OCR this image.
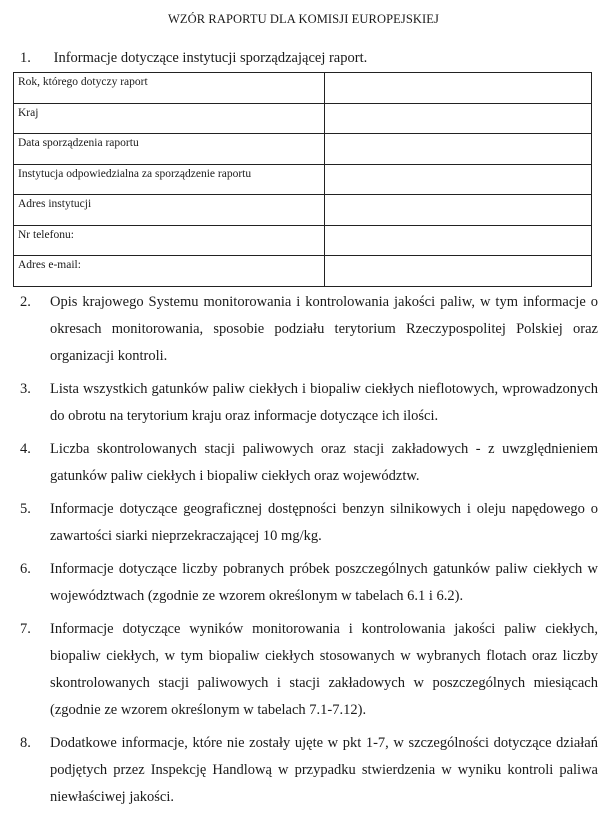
WZÓR RAPORTU DLA KOMISJI EUROPEJSKIEJ
1. Informacje dotyczące instytucji sporządzającej raport.
Rok, którego dotyczy raport	
Kraj	
Data sporządzenia raportu	
Instytucja odpowiedzialna za sporządzenie raportu	
Adres instytucji	
Nr telefonu:	
Adres e-mail:	
2.	Opis krajowego Systemu monitorowania i kontrolowania jakości paliw, w tym informacje o okresach monitorowania, sposobie podziału terytorium Rzeczypospolitej Polskiej oraz organizacji kontroli.
3.	Lista wszystkich gatunków paliw ciekłych i biopaliw ciekłych nieflotowych, wprowadzonych do obrotu na terytorium kraju oraz informacje dotyczące ich ilości.
4.	Liczba skontrolowanych stacji paliwowych oraz stacji zakładowych - z uwzględnieniem gatunków paliw ciekłych i biopaliw ciekłych oraz województw.
5.	Informacje dotyczące geograficznej dostępności benzyn silnikowych i oleju napędowego o zawartości siarki nieprzekraczającej 10 mg/kg.
6.	Informacje dotyczące liczby pobranych próbek poszczególnych gatunków paliw ciekłych w województwach (zgodnie ze wzorem określonym w tabelach 6.1 i 6.2).
7.	Informacje dotyczące wyników monitorowania i kontrolowania jakości paliw ciekłych, biopaliw ciekłych, w tym biopaliw ciekłych stosowanych w wybranych flotach oraz liczby skontrolowanych stacji paliwowych i stacji zakładowych w poszczególnych miesiącach (zgodnie ze wzorem określonym w tabelach 7.1-7.12).
8.	Dodatkowe informacje, które nie zostały ujęte w pkt 1-7, w szczególności dotyczące działań podjętych przez Inspekcję Handlową w przypadku stwierdzenia w wyniku kontroli paliwa niewłaściwej jakości.
